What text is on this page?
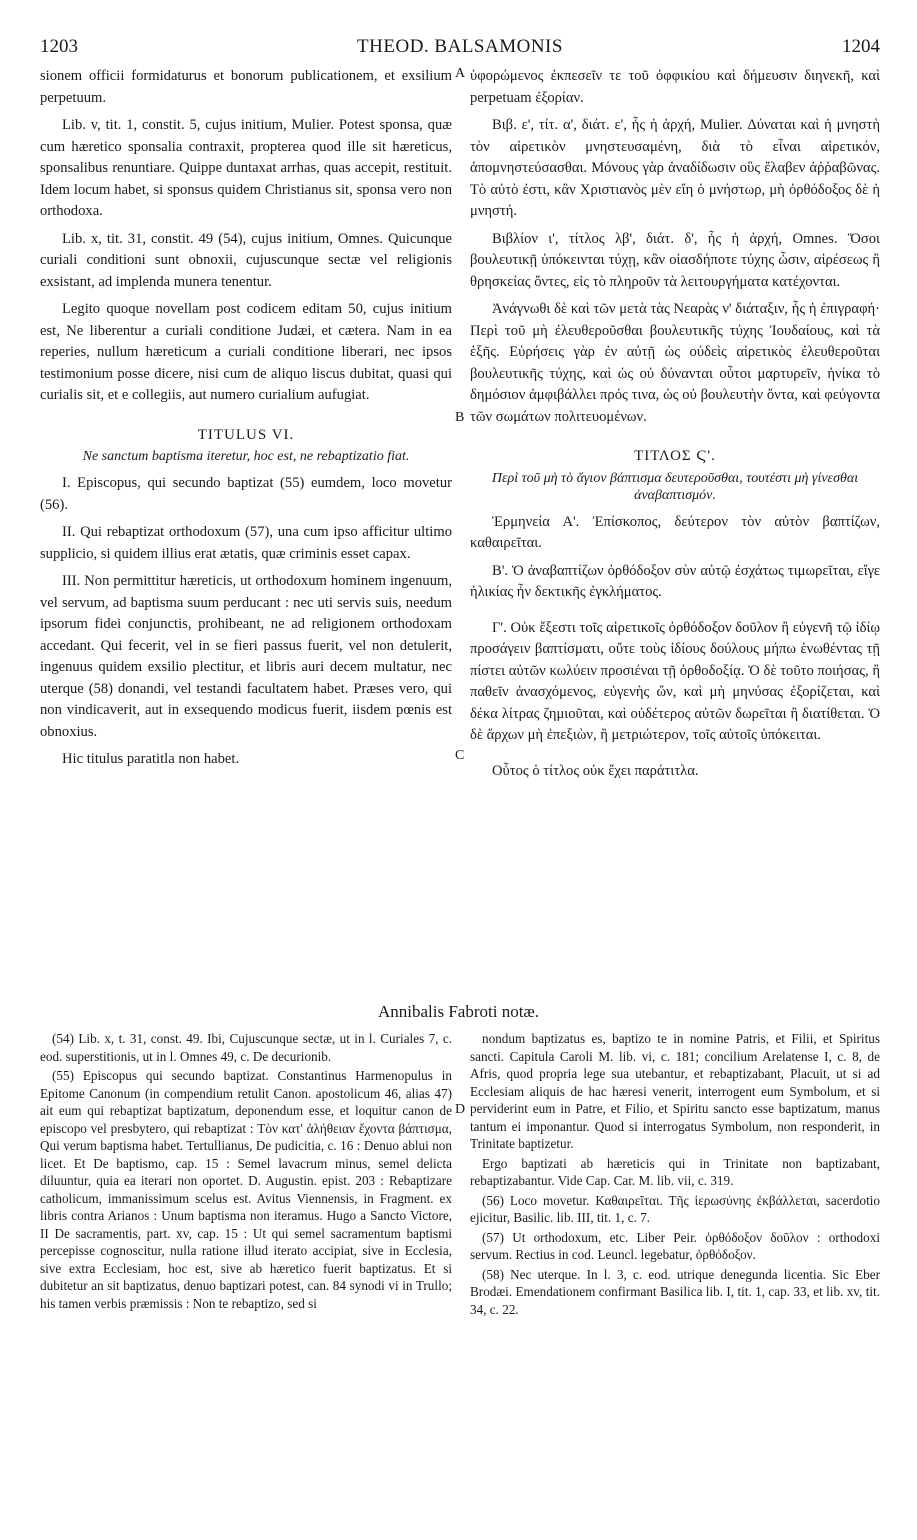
1203	THEOD. BALSAMONIS	1204
A
B
C
D

sionem officii formidaturus et bonorum publicationem, et exsilium perpetuum.

Lib. v, tit. 1, constit. 5, cujus initium, Mulier. Potest sponsa, quæ cum hæretico sponsalia contraxit, propterea quod ille sit hæreticus, sponsalibus renuntiare. Quippe duntaxat arrhas, quas accepit, restituit. Idem locum habet, si sponsus quidem Christianus sit, sponsa vero non orthodoxa.

Lib. x, tit. 31, constit. 49 (54), cujus initium, Omnes. Quicunque curiali conditioni sunt obnoxii, cujuscunque sectæ vel religionis exsistant, ad implenda munera tenentur.

Legito quoque novellam post codicem editam 50, cujus initium est, Ne liberentur a curiali conditione Judæi, et cætera. Nam in ea reperies, nullum hæreticum a curiali conditione liberari, nec ipsos testimonium posse dicere, nisi cum de aliquo liscus dubitat, quasi qui curialis sit, et e collegiis, aut numero curialium aufugiat.

TITULUS VI.
Ne sanctum baptisma iteretur, hoc est, ne rebaptizatio fiat.

I. Episcopus, qui secundo baptizat (55) eumdem, loco movetur (56).

II. Qui rebaptizat orthodoxum (57), una cum ipso afficitur ultimo supplicio, si quidem illius erat ætatis, quæ criminis esset capax.

III. Non permittitur hæreticis, ut orthodoxum hominem ingenuum, vel servum, ad baptisma suum perducant : nec uti servis suis, needum ipsorum fidei conjunctis, prohibeant, ne ad religionem orthodoxam accedant. Qui fecerit, vel in se fieri passus fuerit, vel non detulerit, ingenuus quidem exsilio plectitur, et libris auri decem multatur, nec uterque (58) donandi, vel testandi facultatem habet. Præses vero, qui non vindicaverit, aut in exsequendo modicus fuerit, iisdem pœnis est obnoxius.

Hic titulus paratitla non habet.

ὑφορώμενος ἐκπεσεῖν τε τοῦ ὀφφικίου καὶ δήμευσιν διηνεκῆ, καὶ perpetuam ἐξορίαν.

Βιβ. ε', τίτ. α', διάτ. ε', ἧς ἡ ἀρχή, Mulier. Δύναται καὶ ἡ μνηστὴ τὸν αἱρετικὸν μνηστευσαμένη, διὰ τὸ εἶναι αἱρετικόν, ἀπομνηστεύσασθαι. Μόνους γὰρ ἀναδίδωσιν οὓς ἔλαβεν ἀῤῥαβῶνας. Τὸ αὐτὸ ἐστι, κἂν Χριστιανὸς μὲν εἴη ὁ μνήστωρ, μὴ ὀρθόδοξος δὲ ἡ μνηστή.

Βιβλίον ι', τίτλος λβ', διάτ. δ', ἧς ἡ ἀρχή, Omnes. Ὅσοι βουλευτικῇ ὑπόκεινται τύχῃ, κἂν οἱασδήποτε τύχης ὦσιν, αἱρέσεως ἢ θρησκείας ὄντες, εἰς τὸ πληροῦν τὰ λειτουργήματα κατέχονται.

Ἀνάγνωθι δὲ καὶ τῶν μετὰ τὰς Νεαρὰς ν' διάταξιν, ἧς ἡ ἐπιγραφή· Περὶ τοῦ μὴ ἐλευθεροῦσθαι βουλευτικῆς τύχης Ἰουδαίους, καὶ τὰ ἑξῆς. Εὑρήσεις γὰρ ἐν αὐτῇ ὡς οὐδεὶς αἱρετικὸς ἐλευθεροῦται βουλευτικῆς τύχης, καὶ ὡς οὐ δύνανται οὗτοι μαρτυρεῖν, ἡνίκα τὸ δημόσιον ἀμφιβάλλει πρός τινα, ὡς οὐ βουλευτὴν ὄντα, καὶ φεύγοντα τῶν σωμάτων πολιτευομένων.

ΤΙΤΛΟΣ Ϛ'.
Περὶ τοῦ μὴ τὸ ἅγιον βάπτισμα δευτεροῦσθαι, τουτέστι μὴ γίνεσθαι ἀναβαπτισμόν.

Ἑρμηνεία Α'. Ἐπίσκοπος, δεύτερον τὸν αὐτὸν βαπτίζων, καθαιρεῖται.

Β'. Ὁ ἀναβαπτίζων ὀρθόδοξον σὺν αὐτῷ ἐσχάτως τιμωρεῖται, εἴγε ἡλικίας ἦν δεκτικῆς ἐγκλήματος.

Γ'. Οὐκ ἔξεστι τοῖς αἱρετικοῖς ὀρθόδοξον δοῦλον ἢ εὐγενῆ τῷ ἰδίῳ προσάγειν βαπτίσματι, οὔτε τοὺς ἰδίους δούλους μήπω ἑνωθέντας τῇ πίστει αὐτῶν κωλύειν προσιέναι τῇ ὀρθοδοξίᾳ. Ὁ δὲ τοῦτο ποιήσας, ἢ παθεῖν ἀνασχόμενος, εὐγενὴς ὤν, καὶ μὴ μηνύσας ἐξορίζεται, καὶ δέκα λίτρας ζημιοῦται, καὶ οὐδέτερος αὐτῶν δωρεῖται ἢ διατίθεται. Ὁ δὲ ἄρχων μὴ ἐπεξιὼν, ἢ μετριώτερον, τοῖς αὐτοῖς ὑπόκειται.

Οὗτος ὁ τίτλος οὐκ ἔχει παράτιτλα.

Annibalis Fabroti notæ.

(54) Lib. x, t. 31, const. 49. Ibi, Cujuscunque sectæ, ut in l. Curiales 7, c. eod. superstitionis, ut in l. Omnes 49, c. De decurionib.

(55) Episcopus qui secundo baptizat. Constantinus Harmenopulus in Epitome Canonum (in compendium retulit Canon. apostolicum 46, alias 47) ait eum qui rebaptizat baptizatum, deponendum esse, et loquitur canon de episcopo vel presbytero, qui rebaptizat : Τὸν κατ' ἀλήθειαν ἔχοντα βάπτισμα, Qui verum baptisma habet. Tertullianus, De pudicitia, c. 16 : Denuo ablui non licet. Et De baptismo, cap. 15 : Semel lavacrum minus, semel delicta diluuntur, quia ea iterari non oportet. D. Augustin. epist. 203 : Rebaptizare catholicum, immanissimum scelus est. Avitus Viennensis, in Fragment. ex libris contra Arianos : Unum baptisma non iteramus. Hugo a Sancto Victore, II De sacramentis, part. xv, cap. 15 : Ut qui semel sacramentum baptismi percepisse cognoscitur, nulla ratione illud iterato accipiat, sive in Ecclesia, sive extra Ecclesiam, hoc est, sive ab hæretico fuerit baptizatus. Et si dubitetur an sit baptizatus, denuo baptizari potest, can. 84 synodi vi in Trullo; his tamen verbis præmissis : Non te rebaptizo, sed si

nondum baptizatus es, baptizo te in nomine Patris, et Filii, et Spiritus sancti. Capitula Caroli M. lib. vi, c. 181; concilium Arelatense I, c. 8, de Afris, quod propria lege sua utebantur, et rebaptizabant, Placuit, ut si ad Ecclesiam aliquis de hac hæresi venerit, interrogent eum Symbolum, et si perviderint eum in Patre, et Filio, et Spiritu sancto esse baptizatum, manus tantum ei imponantur. Quod si interrogatus Symbolum, non responderit, in Trinitate baptizetur.

Ergo baptizati ab hæreticis qui in Trinitate non baptizabant, rebaptizabantur. Vide Cap. Car. M. lib. vii, c. 319.

(56) Loco movetur. Καθαιρεῖται. Τῆς ἱερωσύνης ἐκβάλλεται, sacerdotio ejicitur, Basilic. lib. III, tit. 1, c. 7.

(57) Ut orthodoxum, etc. Liber Peir. ὀρθόδοξον δοῦλον : orthodoxi servum. Rectius in cod. Leuncl. legebatur, ὀρθόδοξον.

(58) Nec uterque. In l. 3, c. eod. utrique denegunda licentia. Sic Eber Brodæi. Emendationem confirmant Basilica lib. I, tit. 1, cap. 33, et lib. xv, tit. 34, c. 22.
